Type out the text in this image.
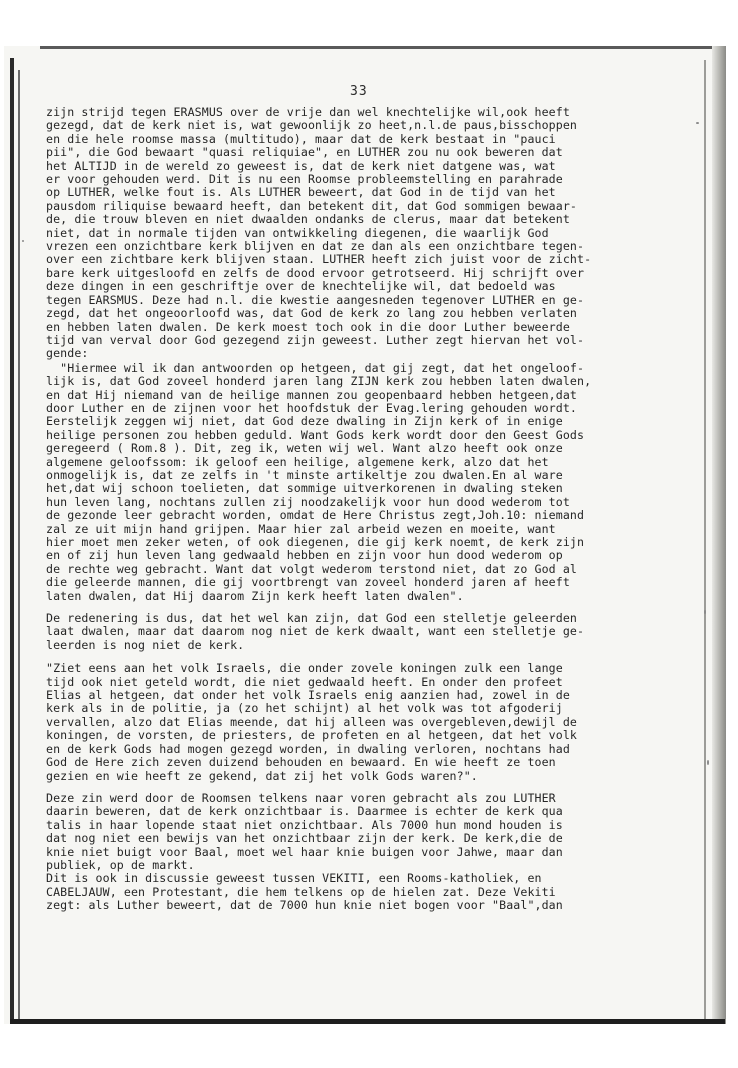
33

zijn strijd tegen ERASMUS over de vrije dan wel knechtelijke wil,ook heeft

gezegd, dat de kerk niet is, wat gewoonlijk zo heet,n.l.de paus,bisschoppen

en die hele roomse massa (multitudo), maar dat de kerk bestaat in "pauci

pii", die God bewaart "quasi reliquiae", en LUTHER zou nu ook beweren dat

het ALTIJD in de wereld zo geweest is, dat de kerk niet datgene was, wat

er voor gehouden werd. Dit is nu een Roomse probleemstelling en parahrade

op LUTHER, welke fout is. Als LUTHER beweert, dat God in de tijd van het

pausdom riliquise bewaard heeft, dan betekent dit, dat God sommigen bewaar-

de, die trouw bleven en niet dwaalden ondanks de clerus, maar dat betekent

niet, dat in normale tijden van ontwikkeling diegenen, die waarlijk God

vrezen een onzichtbare kerk blijven en dat ze dan als een onzichtbare tegen-

over een zichtbare kerk blijven staan. LUTHER heeft zich juist voor de zicht-

bare kerk uitgesloofd en zelfs de dood ervoor getrotseerd. Hij schrijft over

deze dingen in een geschriftje over de knechtelijke wil, dat bedoeld was

tegen EARSMUS. Deze had n.l. die kwestie aangesneden tegenover LUTHER en ge-

zegd, dat het ongeoorloofd was, dat God de kerk zo lang zou hebben verlaten

en hebben laten dwalen. De kerk moest toch ook in die door Luther beweerde

tijd van verval door God gezegend zijn geweest. Luther zegt hiervan het vol-

gende:

"Hiermee wil ik dan antwoorden op hetgeen, dat gij zegt, dat het ongeloof-

lijk is, dat God zoveel honderd jaren lang ZIJN kerk zou hebben laten dwalen,

en dat Hij niemand van de heilige mannen zou geopenbaard hebben hetgeen,dat

door Luther en de zijnen voor het hoofdstuk der Evag.lering gehouden wordt.

Eerstelijk zeggen wij niet, dat God deze dwaling in Zijn kerk of in enige

heilige personen zou hebben geduld. Want Gods kerk wordt door den Geest Gods

geregeerd ( Rom.8 ). Dit, zeg ik, weten wij wel. Want alzo heeft ook onze

algemene geloofssom: ik geloof een heilige, algemene kerk, alzo dat het

onmogelijk is, dat ze zelfs in 't minste artikeltje zou dwalen.En al ware

het,dat wij schoon toelieten, dat sommige uitverkorenen in dwaling steken

hun leven lang, nochtans zullen zij noodzakelijk voor hun dood wederom tot

de gezonde leer gebracht worden, omdat de Here Christus zegt,Joh.10: niemand

zal ze uit mijn hand grijpen. Maar hier zal arbeid wezen en moeite, want

hier moet men zeker weten, of ook diegenen, die gij kerk noemt, de kerk zijn

en of zij hun leven lang gedwaald hebben en zijn voor hun dood wederom op

de rechte weg gebracht. Want dat volgt wederom terstond niet, dat zo God al

die geleerde mannen, die gij voortbrengt van zoveel honderd jaren af heeft

laten dwalen, dat Hij daarom Zijn kerk heeft laten dwalen".

De redenering is dus, dat het wel kan zijn, dat God een stelletje geleerden

laat dwalen, maar dat daarom nog niet de kerk dwaalt, want een stelletje ge-

leerden is nog niet de kerk.

"Ziet eens aan het volk Israels, die onder zovele koningen zulk een lange

tijd ook niet geteld wordt, die niet gedwaald heeft. En onder den profeet

Elias al hetgeen, dat onder het volk Israels enig aanzien had, zowel in de

kerk als in de politie, ja (zo het schijnt) al het volk was tot afgoderij

vervallen, alzo dat Elias meende, dat hij alleen was overgebleven,dewijl de

koningen, de vorsten, de priesters, de profeten en al hetgeen, dat het volk

en de kerk Gods had mogen gezegd worden, in dwaling verloren, nochtans had

God de Here zich zeven duizend behouden en bewaard. En wie heeft ze toen

gezien en wie heeft ze gekend, dat zij het volk Gods waren?".

Deze zin werd door de Roomsen telkens naar voren gebracht als zou LUTHER

daarin beweren, dat de kerk onzichtbaar is. Daarmee is echter de kerk qua

talis in haar lopende staat niet onzichtbaar. Als 7000 hun mond houden is

dat nog niet een bewijs van het onzichtbaar zijn der kerk. De kerk,die de

knie niet buigt voor Baal, moet wel haar knie buigen voor Jahwe, maar dan

publiek, op de markt.

Dit is ook in discussie geweest tussen VEKITI, een Rooms-katholiek, en

CABELJAUW, een Protestant, die hem telkens op de hielen zat. Deze Vekiti

zegt: als Luther beweert, dat de 7000 hun knie niet bogen voor "Baal",dan
